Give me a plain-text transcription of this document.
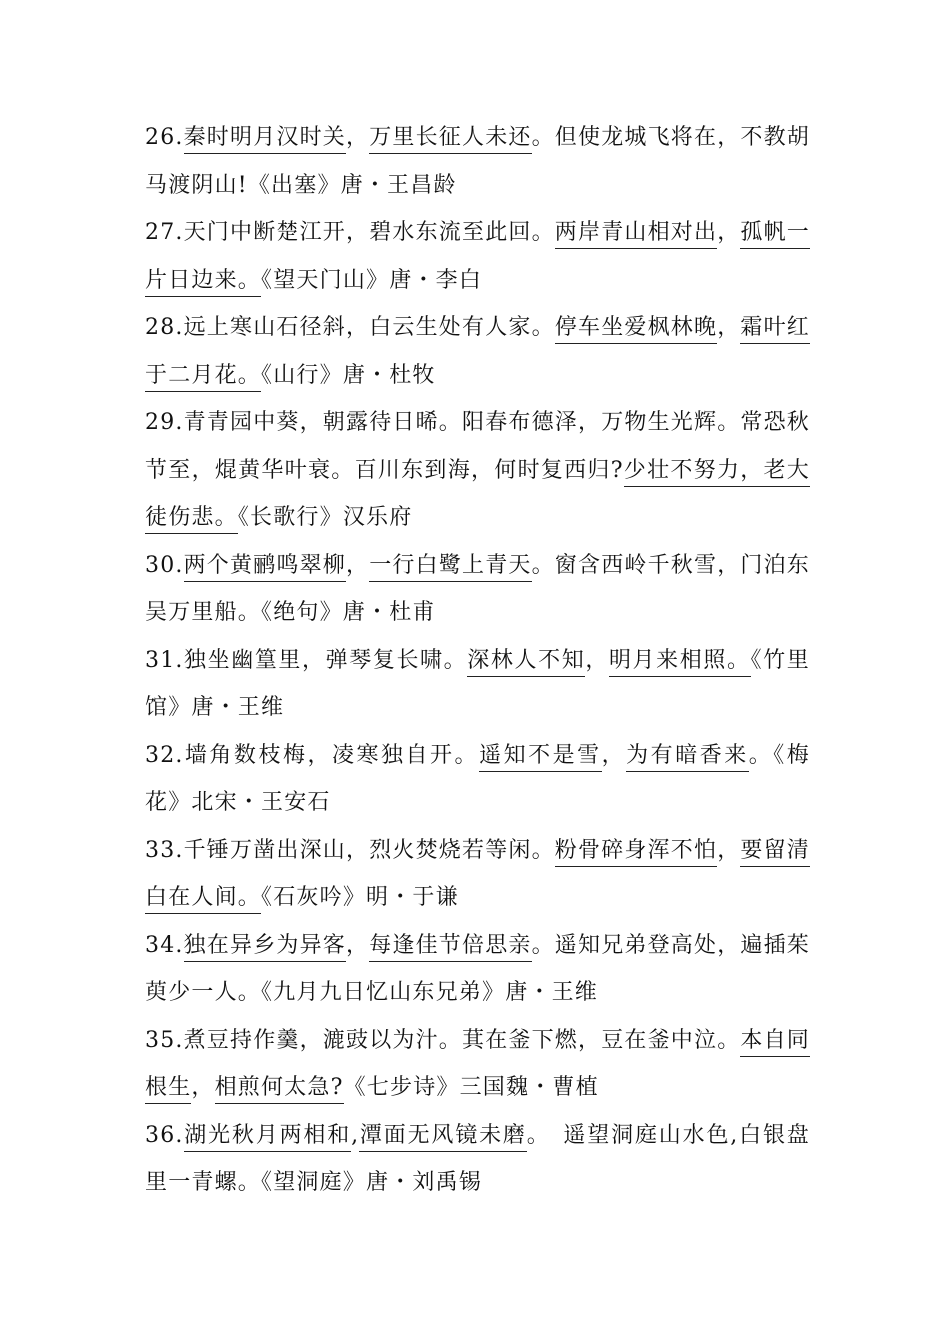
26.秦时明月汉时关，万里长征人未还。但使龙城飞将在，不教胡马渡阴山!《出塞》唐・王昌龄

27.天门中断楚江开，碧水东流至此回。两岸青山相对出，孤帆一片日边来。《望天门山》唐・李白

28.远上寒山石径斜，白云生处有人家。停车坐爱枫林晚，霜叶红于二月花。《山行》唐・杜牧

29.青青园中葵，朝露待日晞。阳春布德泽，万物生光辉。常恐秋节至，焜黄华叶衰。百川东到海，何时复西归?少壮不努力，老大徒伤悲。《长歌行》汉乐府

30.两个黄鹂鸣翠柳，一行白鹭上青天。窗含西岭千秋雪，门泊东吴万里船。《绝句》唐・杜甫

31.独坐幽篁里，弹琴复长啸。深林人不知，明月来相照。《竹里馆》唐・王维

32.墙角数枝梅，凌寒独自开。遥知不是雪，为有暗香来。《梅花》北宋・王安石

33.千锤万凿出深山，烈火焚烧若等闲。粉骨碎身浑不怕，要留清白在人间。《石灰吟》明・于谦

34.独在异乡为异客，每逢佳节倍思亲。遥知兄弟登高处，遍插茱萸少一人。《九月九日忆山东兄弟》唐・王维

35.煮豆持作羹，漉豉以为汁。萁在釜下燃，豆在釜中泣。本自同根生，相煎何太急?《七步诗》三国魏・曹植

36.湖光秋月两相和,潭面无风镜未磨。　遥望洞庭山水色,白银盘里一青螺。《望洞庭》唐・刘禹锡
